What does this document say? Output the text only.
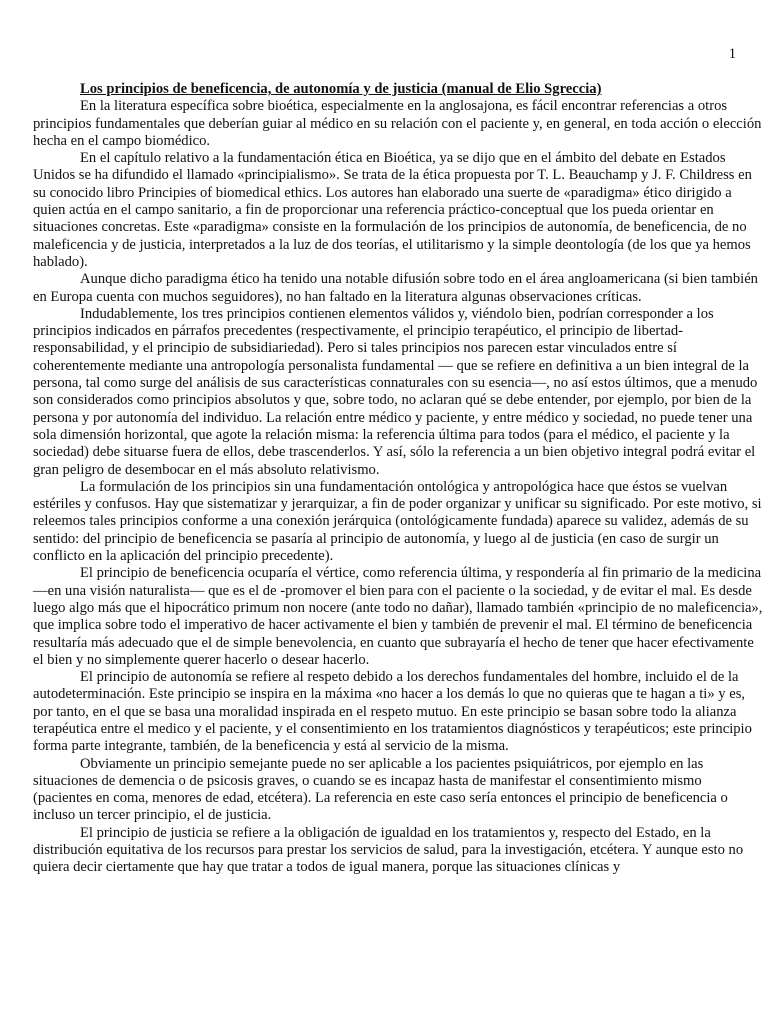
1

Los principios de beneficencia, de autonomía y de justicia (manual de Elio Sgreccia)

En la literatura específica sobre bioética, especialmente en la anglosajona, es fácil encontrar referencias a otros principios fundamentales que deberían guiar al médico en su relación con el paciente y, en general, en toda acción o elección hecha en el campo biomédico.

En el capítulo relativo a la fundamentación ética en Bioética, ya se dijo que en el ámbito del debate en Estados Unidos se ha difundido el llamado «principialismo». Se trata de la ética propuesta por T. L. Beauchamp y J. F. Childress en su conocido libro Principies of biomedical ethics. Los autores han elaborado una suerte de «paradigma» ético dirigido a quien actúa en el campo sanitario, a fin de proporcionar una referencia práctico-conceptual que los pueda orientar en situaciones concretas. Este «paradigma» consiste en la formulación de los principios de autonomía, de beneficencia, de no maleficencia y de justicia, interpretados a la luz de dos teorías, el utilitarismo y la simple deontología (de los que ya hemos hablado).

Aunque dicho paradigma ético ha tenido una notable difusión sobre todo en el área angloamericana (si bien también en Europa cuenta con muchos seguidores), no han faltado en la literatura algunas observaciones críticas.

Indudablemente, los tres principios contienen elementos válidos y, viéndolo bien, podrían corresponder a los principios indicados en párrafos precedentes (respectivamente, el principio terapéutico, el principio de libertad-responsabilidad, y el principio de subsidiariedad). Pero si tales principios nos parecen estar vinculados entre sí coherentemente mediante una antropología personalista fundamental — que se refiere en definitiva a un bien integral de la persona, tal como surge del análisis de sus características connaturales con su esencia—, no así estos últimos, que a menudo son considerados como principios absolutos y que, sobre todo, no aclaran qué se debe entender, por ejemplo, por bien de la persona y por autonomía del individuo. La relación entre médico y paciente, y entre médico y sociedad, no puede tener una sola dimensión horizontal, que agote la relación misma: la referencia última para todos (para el médico, el paciente y la sociedad) debe situarse fuera de ellos, debe trascenderlos. Y así, sólo la referencia a un bien objetivo integral podrá evitar el gran peligro de desembocar en el más absoluto relativismo.

La formulación de los principios sin una fundamentación ontológica y antropológica hace que éstos se vuelvan estériles y confusos. Hay que sistematizar y jerarquizar, a fin de poder organizar y unificar su significado. Por este motivo, si releemos tales principios conforme a una conexión jerárquica (ontológicamente fundada) aparece su validez, además de su sentido: del principio de beneficencia se pasaría al principio de autonomía, y luego al de justicia (en caso de surgir un conflicto en la aplicación del principio precedente).

El principio de beneficencia ocuparía el vértice, como referencia última, y respondería al fin primario de la medicina —en una visión naturalista— que es el de -promover el bien para con el paciente o la sociedad, y de evitar el mal. Es desde luego algo más que el hipocrático primum non nocere (ante todo no dañar), llamado también «principio de no maleficencia», que implica sobre todo el imperativo de hacer activamente el bien y también de prevenir el mal. El término de beneficencia resultaría más adecuado que el de simple benevolencia, en cuanto que subrayaría el hecho de tener que hacer efectivamente el bien y no simplemente querer hacerlo o desear hacerlo.

El principio de autonomía se refiere al respeto debido a los derechos fundamentales del hombre, incluido el de la autodeterminación. Este principio se inspira en la máxima «no hacer a los demás lo que no quieras que te hagan a ti» y es, por tanto, en el que se basa una moralidad inspirada en el respeto mutuo. En este principio se basan sobre todo la alianza terapéutica entre el medico y el paciente, y el consentimiento en los tratamientos diagnósticos y terapéuticos; este principio forma parte integrante, también, de la beneficencia y está al servicio de la misma.

Obviamente un principio semejante puede no ser aplicable a los pacientes psiquiátricos, por ejemplo en las situaciones de demencia o de psicosis graves, o cuando se es incapaz hasta de manifestar el consentimiento mismo (pacientes en coma, menores de edad, etcétera). La referencia en este caso sería entonces el principio de beneficencia o incluso un tercer principio, el de justicia.

El principio de justicia se refiere a la obligación de igualdad en los tratamientos y, respecto del Estado, en la distribución equitativa de los recursos para prestar los servicios de salud, para la investigación, etcétera. Y aunque esto no quiera decir ciertamente que hay que tratar a todos de igual manera, porque las situaciones clínicas y
